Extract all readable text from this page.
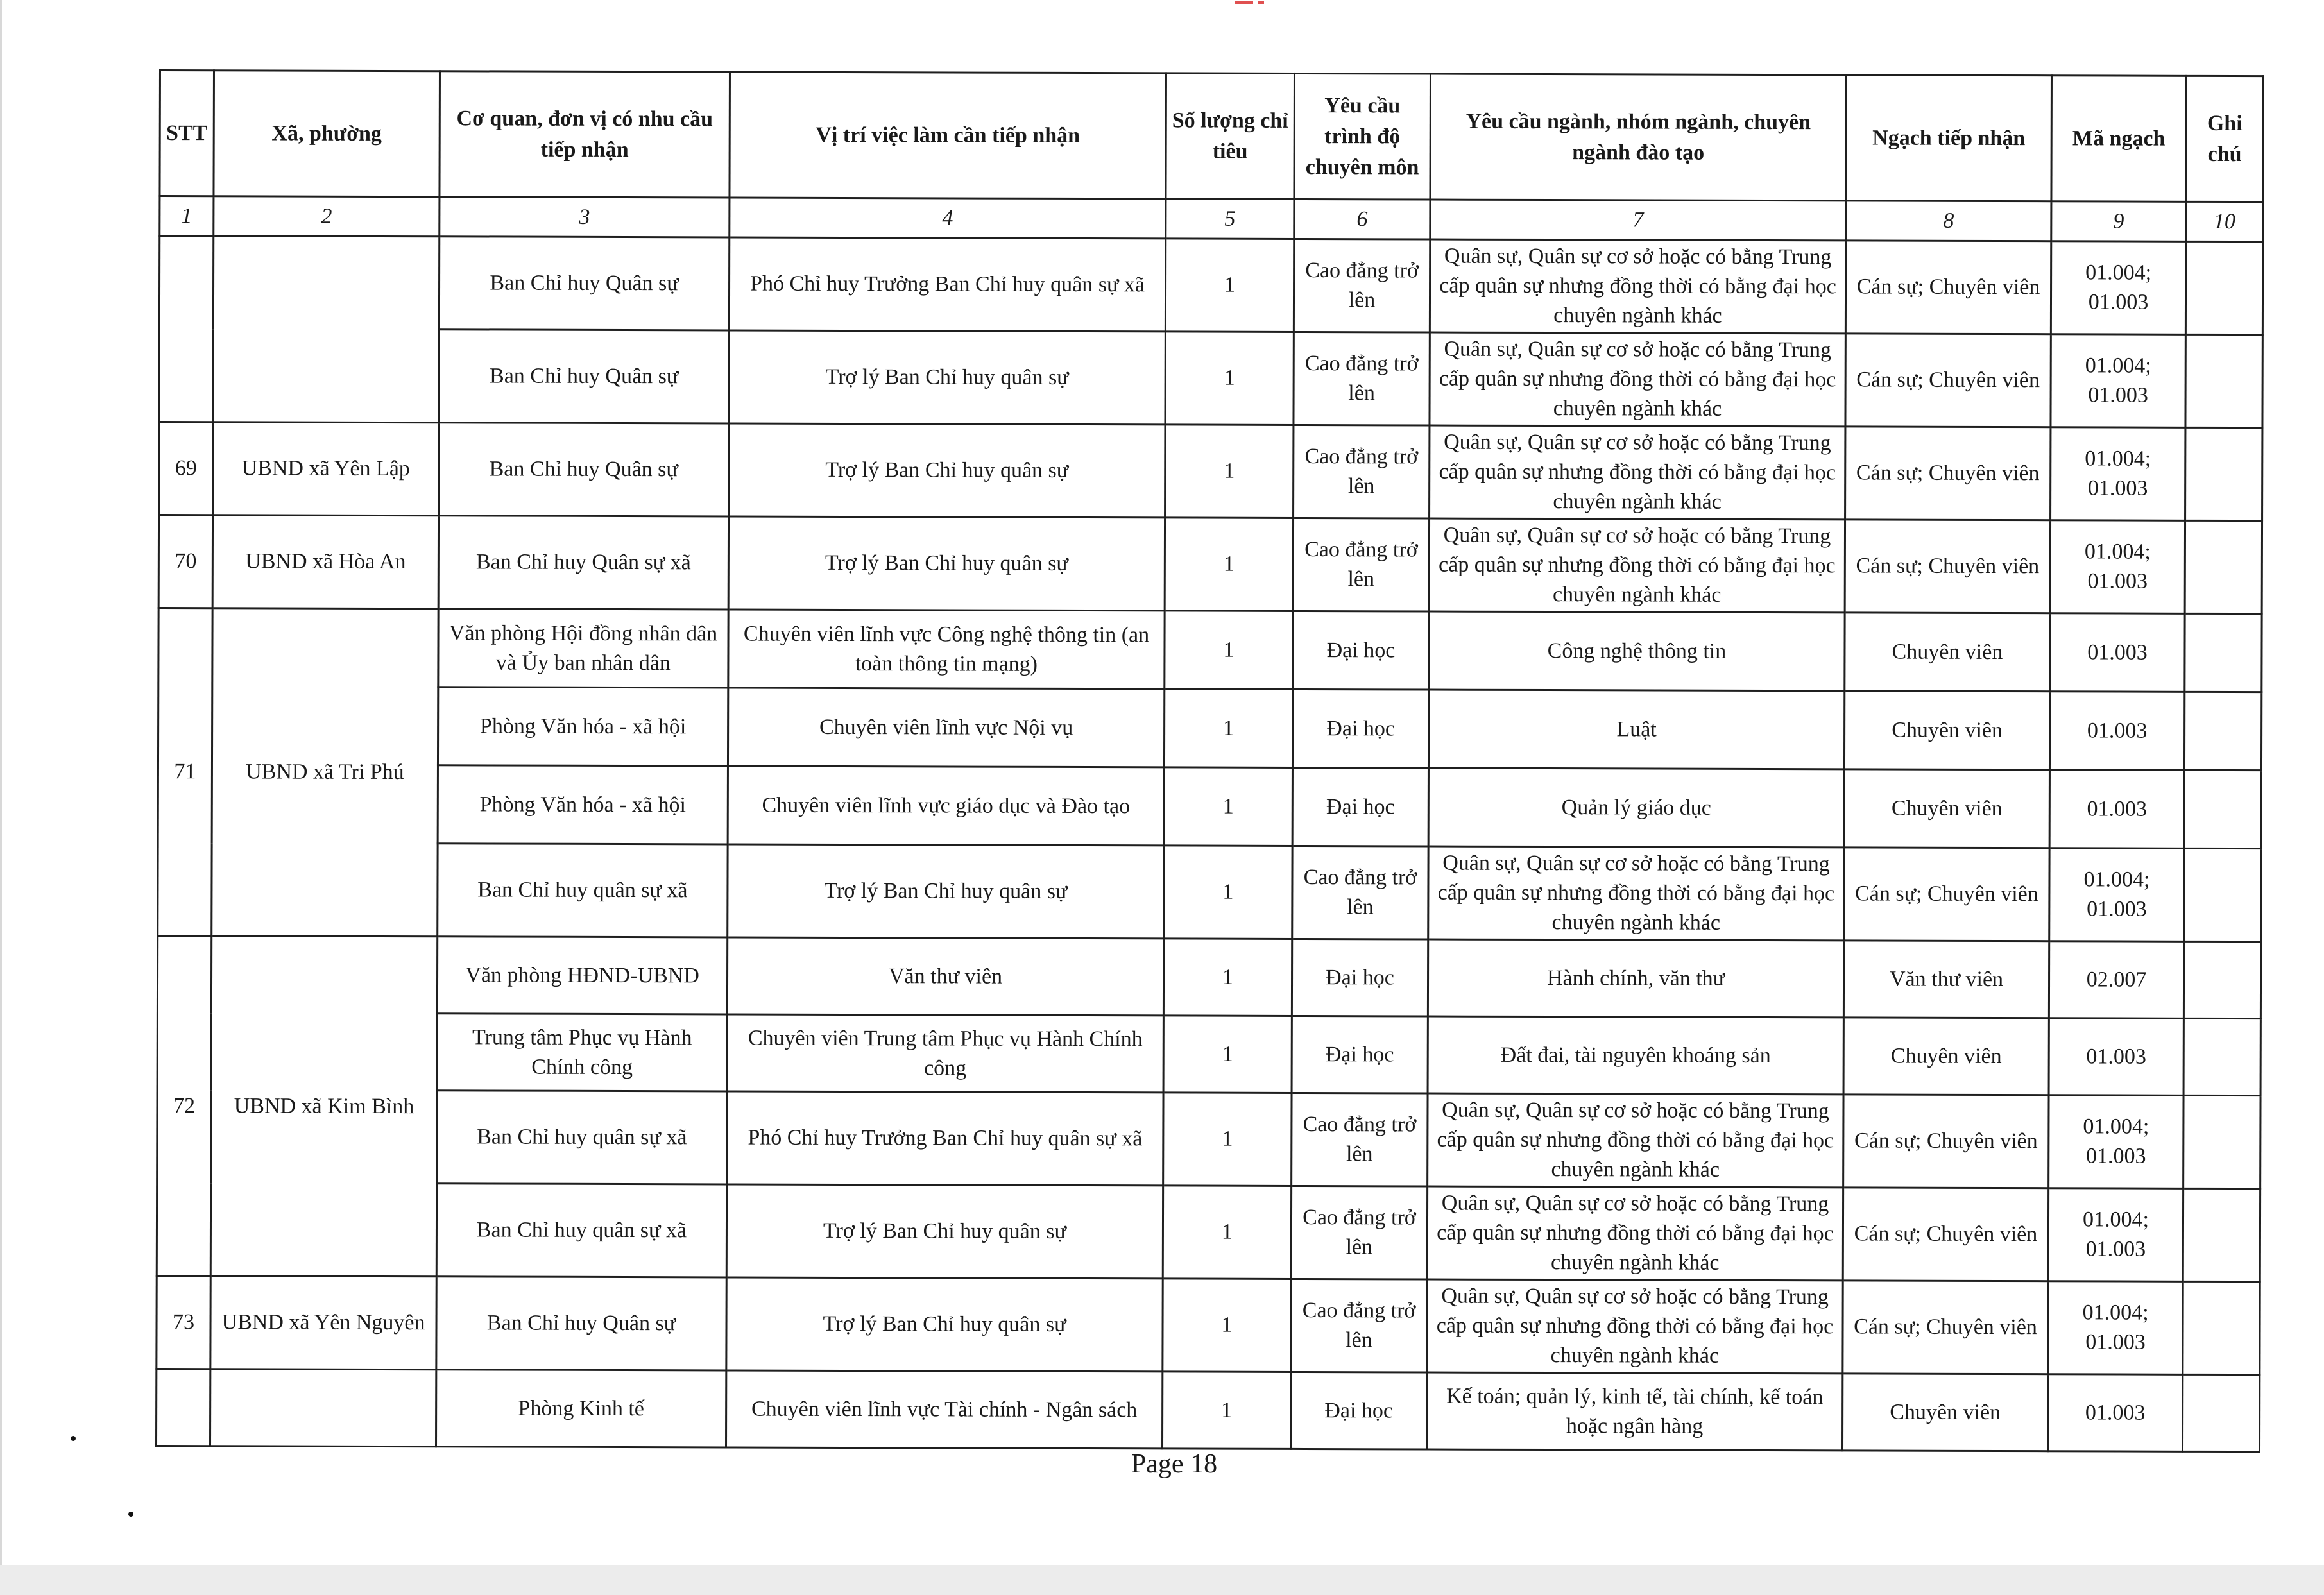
STT	Xã, phường	Cơ quan, đơn vị có nhu cầu tiếp nhận	Vị trí việc làm cần tiếp nhận	Số lượng chỉ tiêu	Yêu cầu trình độ chuyên môn	Yêu cầu ngành, nhóm ngành, chuyên ngành đào tạo	Ngạch tiếp nhận	Mã ngạch	Ghi chú
1	2	3	4	5	6	7	8	9	10
		Ban Chỉ huy Quân sự	Phó Chỉ huy Trưởng Ban Chỉ huy quân sự xã	1	Cao đẳng trở lên	Quân sự, Quân sự cơ sở hoặc có bằng Trung cấp quân sự nhưng đồng thời có bằng đại học chuyên ngành khác	Cán sự; Chuyên viên	01.004; 01.003	
		Ban Chỉ huy Quân sự	Trợ lý Ban Chỉ huy quân sự	1	Cao đẳng trở lên	Quân sự, Quân sự cơ sở hoặc có bằng Trung cấp quân sự nhưng đồng thời có bằng đại học chuyên ngành khác	Cán sự; Chuyên viên	01.004; 01.003	
69	UBND xã Yên Lập	Ban Chỉ huy Quân sự	Trợ lý Ban Chỉ huy quân sự	1	Cao đẳng trở lên	Quân sự, Quân sự cơ sở hoặc có bằng Trung cấp quân sự nhưng đồng thời có bằng đại học chuyên ngành khác	Cán sự; Chuyên viên	01.004; 01.003	
70	UBND xã Hòa An	Ban Chỉ huy Quân sự xã	Trợ lý Ban Chỉ huy quân sự	1	Cao đẳng trở lên	Quân sự, Quân sự cơ sở hoặc có bằng Trung cấp quân sự nhưng đồng thời có bằng đại học chuyên ngành khác	Cán sự; Chuyên viên	01.004; 01.003	
71	UBND xã Tri Phú	Văn phòng Hội đồng nhân dân và Ủy ban nhân dân	Chuyên viên lĩnh vực Công nghệ thông tin (an toàn thông tin mạng)	1	Đại học	Công nghệ thông tin	Chuyên viên	01.003	
		Phòng Văn hóa - xã hội	Chuyên viên lĩnh vực Nội vụ	1	Đại học	Luật	Chuyên viên	01.003	
		Phòng Văn hóa - xã hội	Chuyên viên lĩnh vực giáo dục và Đào tạo	1	Đại học	Quản lý giáo dục	Chuyên viên	01.003	
		Ban Chỉ huy quân sự xã	Trợ lý Ban Chỉ huy quân sự	1	Cao đẳng trở lên	Quân sự, Quân sự cơ sở hoặc có bằng Trung cấp quân sự nhưng đồng thời có bằng đại học chuyên ngành khác	Cán sự; Chuyên viên	01.004; 01.003	
72	UBND xã Kim Bình	Văn phòng HĐND-UBND	Văn thư viên	1	Đại học	Hành chính, văn thư	Văn thư viên	02.007	
		Trung tâm Phục vụ Hành Chính công	Chuyên viên Trung tâm Phục vụ Hành Chính công	1	Đại học	Đất đai, tài nguyên khoáng sản	Chuyên viên	01.003	
		Ban Chỉ huy quân sự xã	Phó Chỉ huy Trưởng Ban Chỉ huy quân sự xã	1	Cao đẳng trở lên	Quân sự, Quân sự cơ sở hoặc có bằng Trung cấp quân sự nhưng đồng thời có bằng đại học chuyên ngành khác	Cán sự; Chuyên viên	01.004; 01.003	
		Ban Chỉ huy quân sự xã	Trợ lý Ban Chỉ huy quân sự	1	Cao đẳng trở lên	Quân sự, Quân sự cơ sở hoặc có bằng Trung cấp quân sự nhưng đồng thời có bằng đại học chuyên ngành khác	Cán sự; Chuyên viên	01.004; 01.003	
73	UBND xã Yên Nguyên	Ban Chỉ huy Quân sự	Trợ lý Ban Chỉ huy quân sự	1	Cao đẳng trở lên	Quân sự, Quân sự cơ sở hoặc có bằng Trung cấp quân sự nhưng đồng thời có bằng đại học chuyên ngành khác	Cán sự; Chuyên viên	01.004; 01.003	
		Phòng Kinh tế	Chuyên viên lĩnh vực Tài chính - Ngân sách	1	Đại học	Kế toán; quản lý, kinh tế, tài chính, kế toán hoặc ngân hàng	Chuyên viên	01.003	
Page 18
